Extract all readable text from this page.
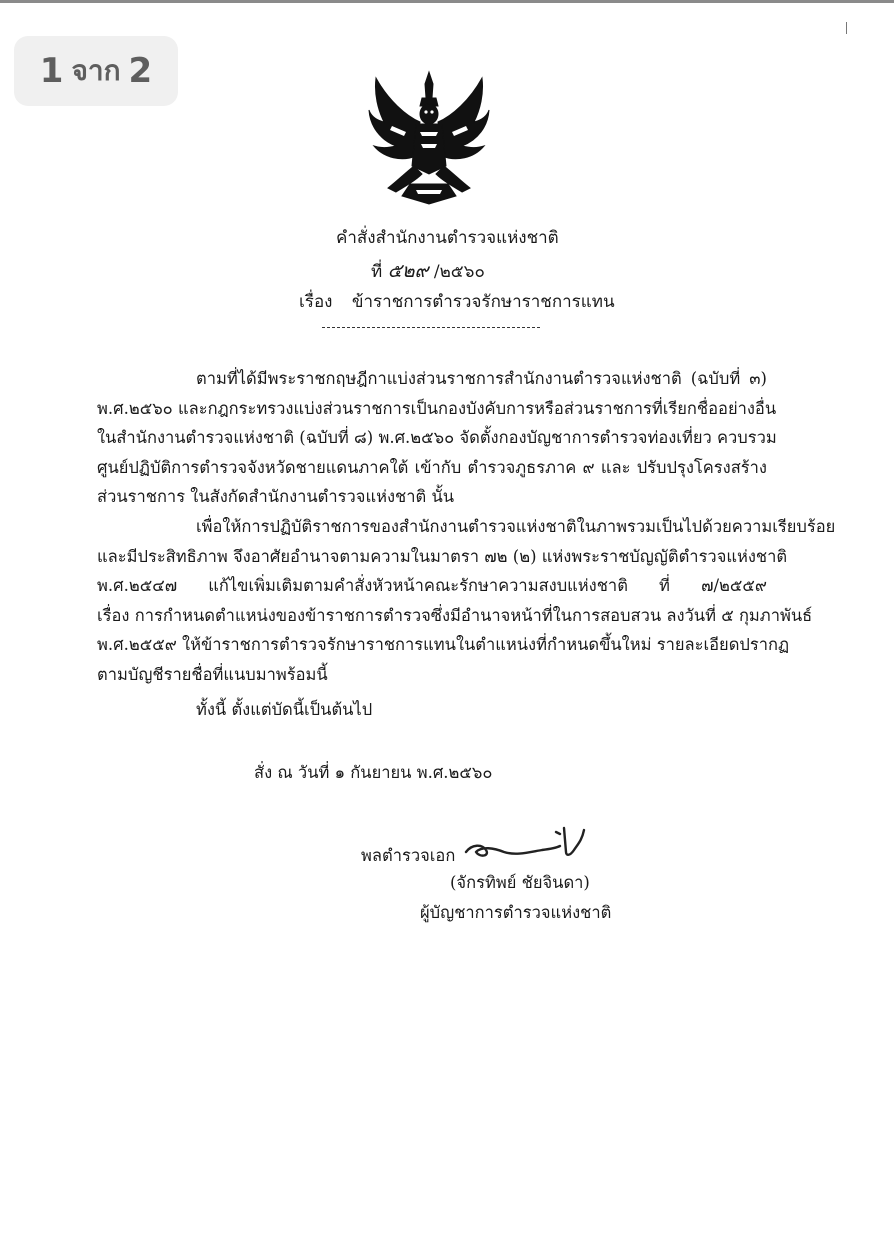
1 จาก 2
คำสั่งสำนักงานตำรวจแห่งชาติ
ที่ ๕๒๙ /๒๕๖๐
เรื่อง ข้าราชการตำรวจรักษาราชการแทน
ตามที่ได้มีพระราชกฤษฎีกาแบ่งส่วนราชการสำนักงานตำรวจแห่งชาติ (ฉบับที่ ๓)
พ.ศ.๒๕๖๐ และกฎกระทรวงแบ่งส่วนราชการเป็นกองบังคับการหรือส่วนราชการที่เรียกชื่ออย่างอื่น
ในสำนักงานตำรวจแห่งชาติ (ฉบับที่ ๘) พ.ศ.๒๕๖๐ จัดตั้งกองบัญชาการตำรวจท่องเที่ยว ควบรวม
ศูนย์ปฏิบัติการตำรวจจังหวัดชายแดนภาคใต้ เข้ากับ ตำรวจภูธรภาค ๙ และ ปรับปรุงโครงสร้าง
ส่วนราชการ ในสังกัดสำนักงานตำรวจแห่งชาติ นั้น
เพื่อให้การปฏิบัติราชการของสำนักงานตำรวจแห่งชาติในภาพรวมเป็นไปด้วยความเรียบร้อย
และมีประสิทธิภาพ จึงอาศัยอำนาจตามความในมาตรา ๗๒ (๒) แห่งพระราชบัญญัติตำรวจแห่งชาติ
พ.ศ.๒๕๔๗ แก้ไขเพิ่มเติมตามคำสั่งหัวหน้าคณะรักษาความสงบแห่งชาติ ที่ ๗/๒๕๕๙
เรื่อง การกำหนดตำแหน่งของข้าราชการตำรวจซึ่งมีอำนาจหน้าที่ในการสอบสวน ลงวันที่ ๕ กุมภาพันธ์
พ.ศ.๒๕๕๙ ให้ข้าราชการตำรวจรักษาราชการแทนในตำแหน่งที่กำหนดขึ้นใหม่ รายละเอียดปรากฏ
ตามบัญชีรายชื่อที่แนบมาพร้อมนี้
ทั้งนี้ ตั้งแต่บัดนี้เป็นต้นไป
สั่ง ณ วันที่ ๑ กันยายน พ.ศ.๒๕๖๐
พลตำรวจเอก
(จักรทิพย์ ชัยจินดา)
ผู้บัญชาการตำรวจแห่งชาติ
